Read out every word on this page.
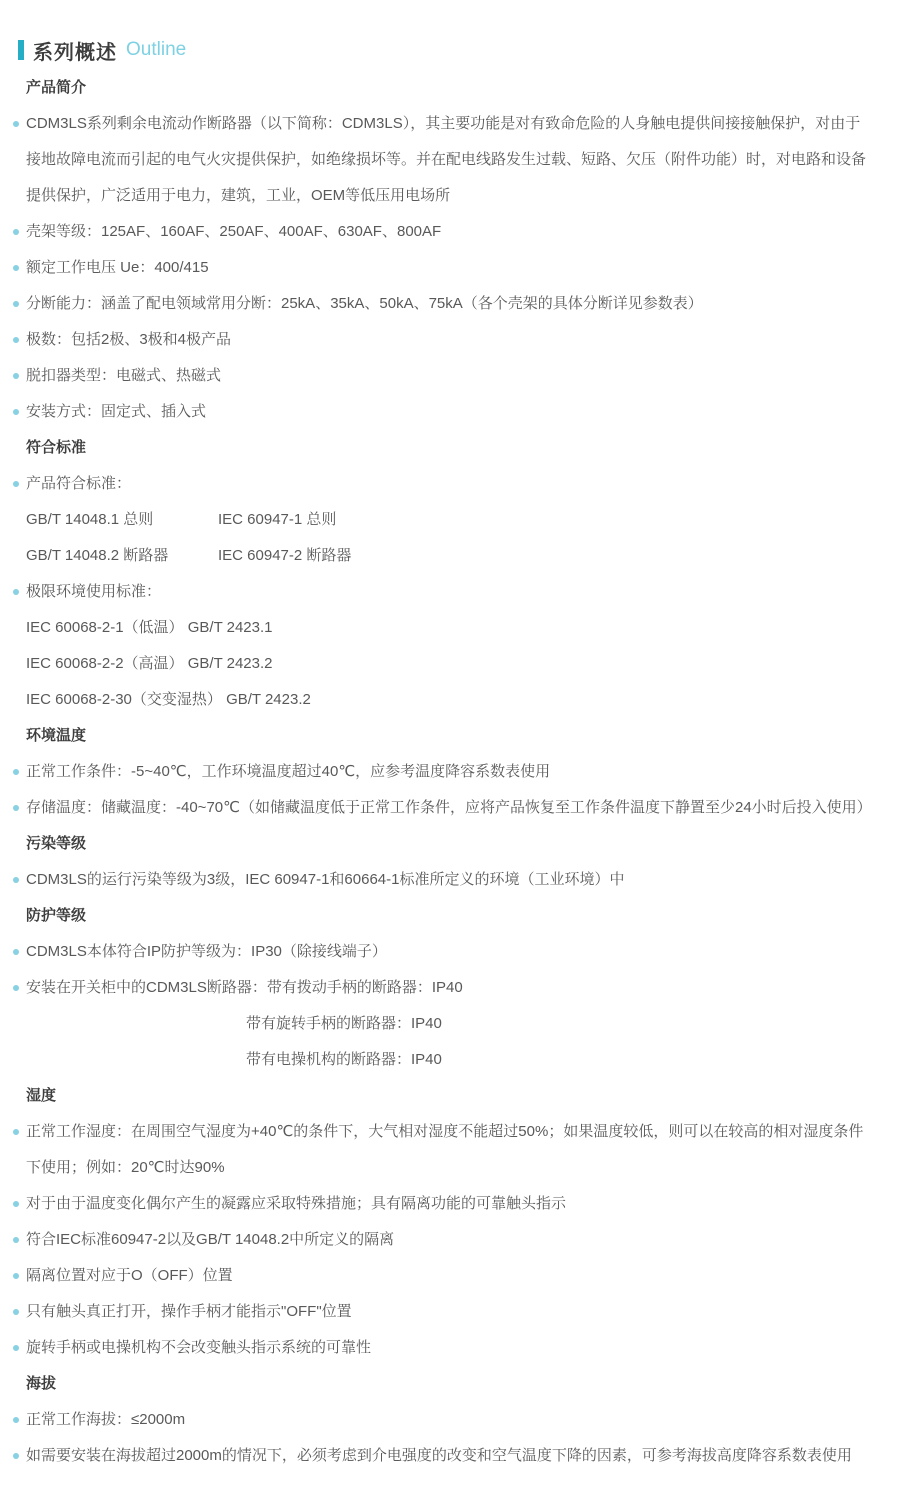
系列概述 Outline
产品简介
CDM3LS系列剩余电流动作断路器（以下简称：CDM3LS），其主要功能是对有致命危险的人身触电提供间接接触保护，对由于接地故障电流而引起的电气火灾提供保护，如绝缘损坏等。并在配电线路发生过载、短路、欠压（附件功能）时，对电路和设备提供保护，广泛适用于电力，建筑，工业，OEM等低压用电场所
壳架等级：125AF、160AF、250AF、400AF、630AF、800AF
额定工作电压 Ue：400/415
分断能力：涵盖了配电领域常用分断：25kA、35kA、50kA、75kA（各个壳架的具体分断详见参数表）
极数：包括2极、3极和4极产品
脱扣器类型：电磁式、热磁式
安装方式：固定式、插入式
符合标准
产品符合标准：
GB/T 14048.1 总则	IEC 60947-1 总则
GB/T 14048.2 断路器	IEC 60947-2 断路器
极限环境使用标准：
IEC 60068-2-1（低温） GB/T 2423.1
IEC 60068-2-2（高温） GB/T 2423.2
IEC 60068-2-30（交变湿热） GB/T 2423.2
环境温度
正常工作条件：-5~40℃，工作环境温度超过40℃，应参考温度降容系数表使用
存储温度：储藏温度：-40~70℃（如储藏温度低于正常工作条件，应将产品恢复至工作条件温度下静置至少24小时后投入使用）
污染等级
CDM3LS的运行污染等级为3级，IEC 60947-1和60664-1标准所定义的环境（工业环境）中
防护等级
CDM3LS本体符合IP防护等级为：IP30（除接线端子）
安装在开关柜中的CDM3LS断路器：带有拨动手柄的断路器：IP40
带有旋转手柄的断路器：IP40
带有电操机构的断路器：IP40
湿度
正常工作湿度：在周围空气湿度为+40℃的条件下，大气相对湿度不能超过50%；如果温度较低，则可以在较高的相对湿度条件下使用；例如：20℃时达90%
对于由于温度变化偶尔产生的凝露应采取特殊措施；具有隔离功能的可靠触头指示
符合IEC标准60947-2以及GB/T 14048.2中所定义的隔离
隔离位置对应于O（OFF）位置
只有触头真正打开，操作手柄才能指示"OFF"位置
旋转手柄或电操机构不会改变触头指示系统的可靠性
海拔
正常工作海拔：≤2000m
如需要安装在海拔超过2000m的情况下，必须考虑到介电强度的改变和空气温度下降的因素，可参考海拔高度降容系数表使用
